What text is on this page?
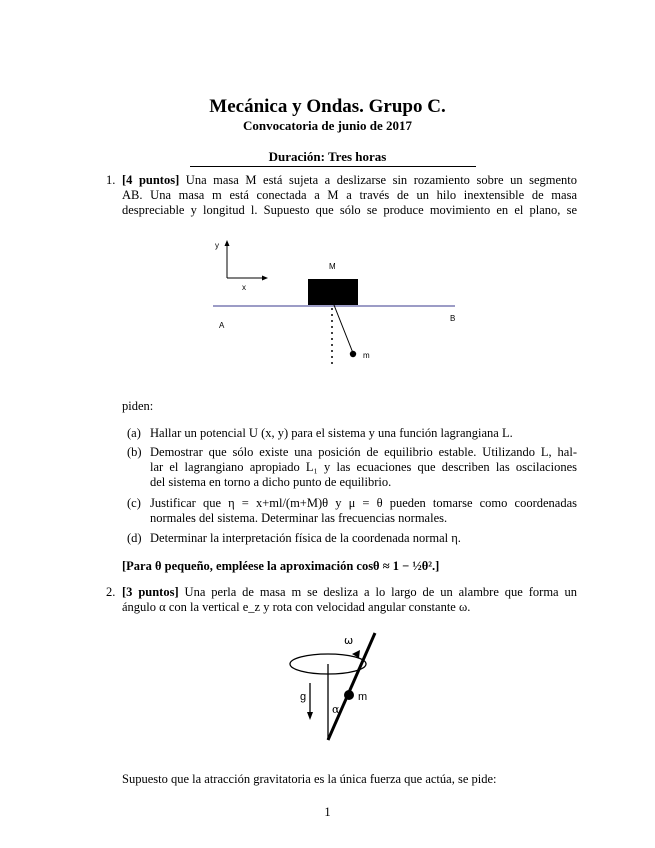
Mecánica y Ondas. Grupo C.
Convocatoria de junio de 2017
Duración: Tres horas
1. [4 puntos] Una masa M está sujeta a deslizarse sin rozamiento sobre un segmento
AB. Una masa m está conectada a M a través de un hilo inextensible de masa
despreciable y longitud l. Supuesto que sólo se produce movimiento en el plano, se
y
x
M
A
B
m
piden:
(a) Hallar un potencial U (x, y) para el sistema y una función lagrangiana L.
(b) Demostrar que sólo existe una posición de equilibrio estable. Utilizando L, hal-
lar el lagrangiano apropiado L₁ y las ecuaciones que describen las oscilaciones
del sistema en torno a dicho punto de equilibrio.
(c) Justificar que η = x+ml/(m+M)θ y μ = θ pueden tomarse como coordenadas
normales del sistema. Determinar las frecuencias normales.
(d) Determinar la interpretación física de la coordenada normal η.
[Para θ pequeño, empléese la aproximación cosθ ≈ 1 − ½θ².]
2. [3 puntos] Una perla de masa m se desliza a lo largo de un alambre que forma un
ángulo α con la vertical e_z y rota con velocidad angular constante ω.
ω
g	m
α
Supuesto que la atracción gravitatoria es la única fuerza que actúa, se pide:
1
